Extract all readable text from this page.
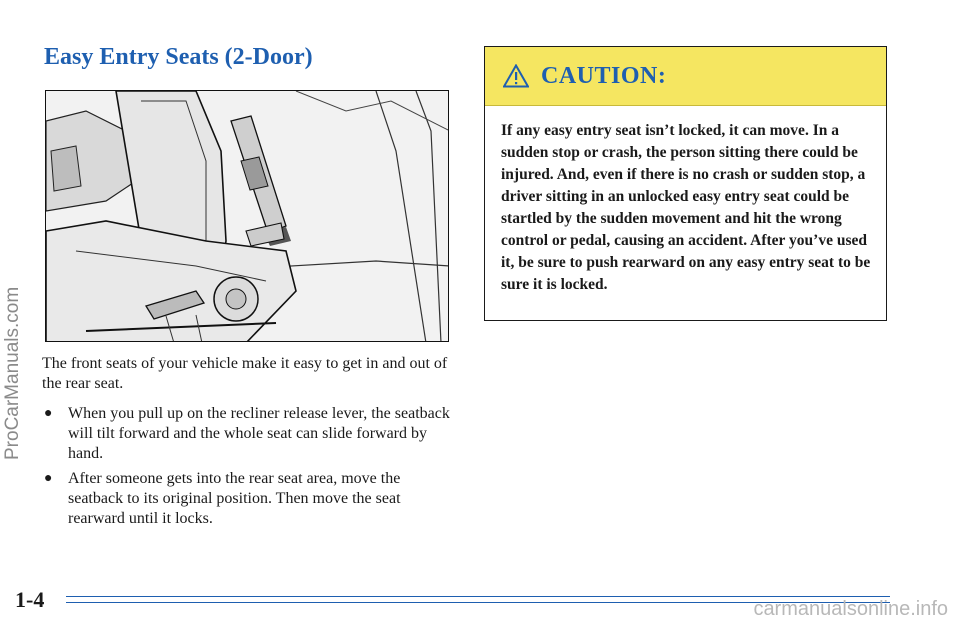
ProCarManuals.com
Easy Entry Seats (2-Door)

The front seats of your vehicle make it easy to get in and out of the rear seat.

● When you pull up on the recliner release lever, the seatback will tilt forward and the whole seat can slide forward by hand.
● After someone gets into the rear seat area, move the seatback to its original position. Then move the seat rearward until it locks.
CAUTION:

If any easy entry seat isn’t locked, it can move. In a sudden stop or crash, the person sitting there could be injured. And, even if there is no crash or sudden stop, a driver sitting in an unlocked easy entry seat could be startled by the sudden movement and hit the wrong control or pedal, causing an accident. After you’ve used it, be sure to push rearward on any easy entry seat to be sure it is locked.

1-4	carmanualsonline.info
